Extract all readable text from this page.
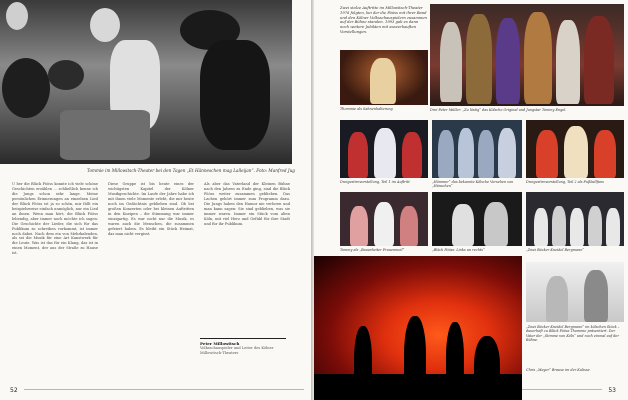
Tommie im Millowitsch-Theater bei den Tagen „Et Hänneschen mag Lalleijan“. Foto: Manfred Jug
Ü ber die Bläck Fööss konnte ich viele schöne Geschichten erzählen … schließlich kenne ich die Jungs schon sehr lange. Meine persönlichen Erinnerungen an einzelnen Lied der Bläck Fööss ist ja so schön, mir fällt ein beispielsweise einfach unmöglich, nur ein Lied an ihnen. Wenn man hört, die Bläck Fööss lebendig, aber immer noch möchte ich sagen: Die Geschichte der Lieder, die sich für das Publikum zu schreiben vorkommt, ist immer noch dabei. Nach dem ein von Mehrkalenden, als sei die Musik für eine Art Kunstwerk für die Leute. Was ist das für ein Klang, das ist in einen Moment, der aus der Straße zu Hause ist.
Diese Gruppe ist bis heute eines der wichtigsten Kapitel der Kölner Musikgeschichte. Im Laufe der Jahre habe ich mit ihnen viele Momente erlebt, die mir heute noch im Gedächtnis geblieben sind. Ob bei großen Konzerten oder bei kleinen Auftritten in den Kneipen – die Stimmung war immer einzigartig. Es war nicht nur die Musik, es waren auch die Menschen, die zusammen gefeiert haben. Es bleibt ein Stück Heimat, das man nicht vergisst.
Als aber das Vaterland der Kleinen Bühne nach den Jahren zu Ende ging, sind die Bläck Fööss weiter zusammen geblieben. Das Lachen gehört immer zum Programm dazu. Die Jungs haben den Humor nie verloren und man kann sagen: Sie sind geblieben, was sie immer waren. Immer ein Stück vom alten Köln, mit viel Herz und Gefühl für ihre Stadt und für ihr Publikum.
Peter Millowitsch
Volksschauspieler und Leiter des Kölner Millowitsch-Theaters
52
Zwei stolze Auftritte im Millowitsch-Theater 1976 folgten, bei der die Fööss mit ihrer Band und den Kölner Volksschauspielern zusammen auf der Bühne standen. 1993 gab es dann noch weitere Jubiläen mit ausverkauften Vorstellungen.
Thommie als Sahnenhalterung	Drei Peter Müller: „Zu löstig“ das Kölsche Original und Jungstar Tommy Engel.
Dreigestirnvorstellung, Teil 1 im Auftritt	„Hömmer“ das bekannte Kölsche Vorsehen von „Hänschen“
Dreigestirnvorstellung, Teil 2 als Fußballfans
Tommy als „Bauarbeiter Frauenmeil“	„Bläck Fööss: Links un rechts“	„Zwei Bäcker Kneidel Bergmann“
„Zwei Bäcker Kneidel Bergmann“ im kölschen Stück – dauerhaft zu Bläck Fööss Thommie präsentiert. Der Vater der „Stimme von Köln“ und noch einmal auf der Bühne.
Chris „Mayer“ Brause im der Kulisse
53
